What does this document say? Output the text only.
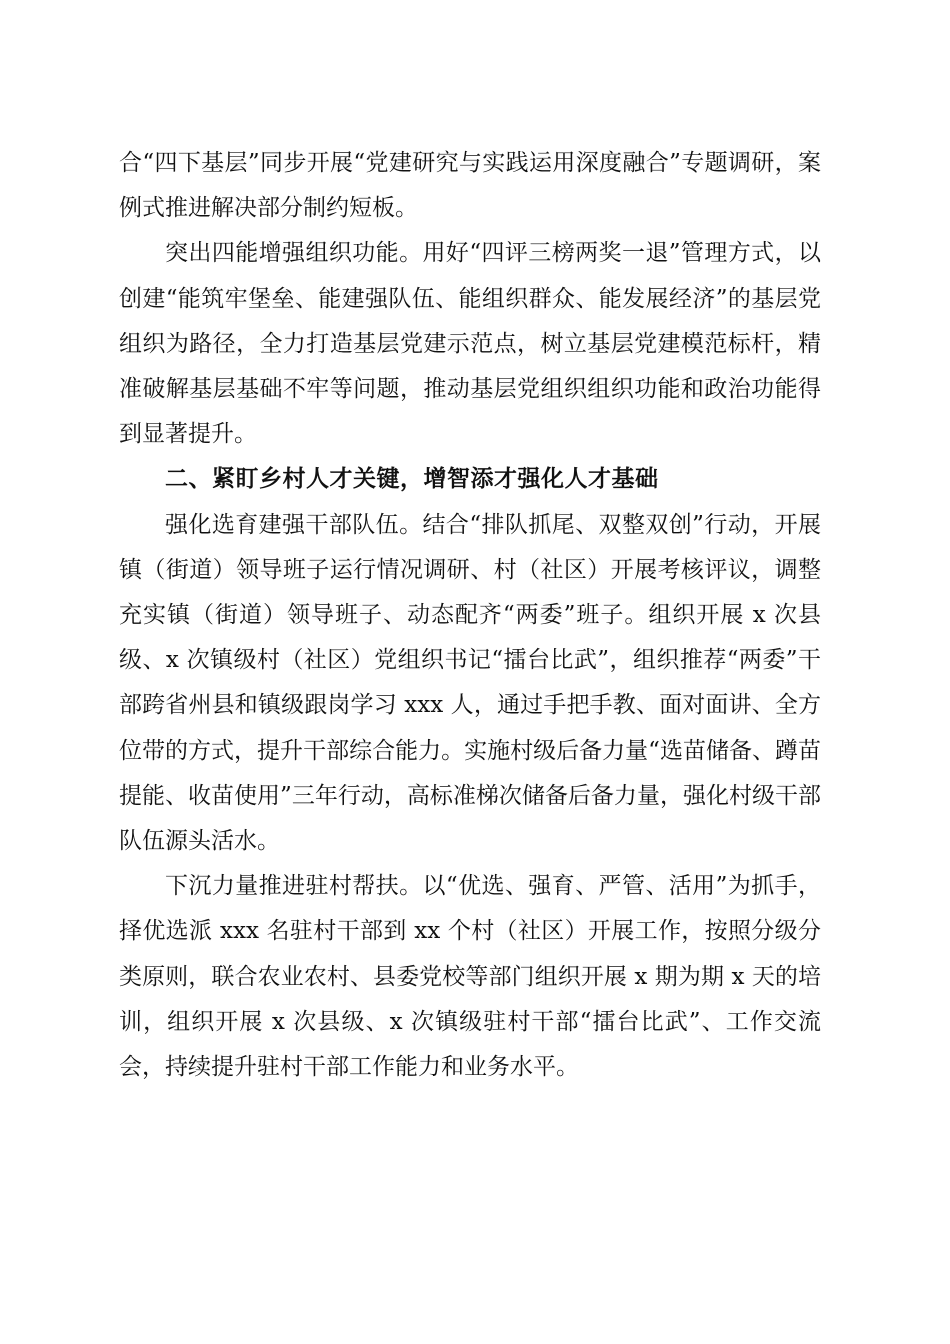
合“四下基层”同步开展“党建研究与实践运用深度融合”专题调研，案例式推进解决部分制约短板。

突出四能增强组织功能。用好“四评三榜两奖一退”管理方式，以创建“能筑牢堡垒、能建强队伍、能组织群众、能发展经济”的基层党组织为路径，全力打造基层党建示范点，树立基层党建模范标杆，精准破解基层基础不牢等问题，推动基层党组织组织功能和政治功能得到显著提升。

二、紧盯乡村人才关键，增智添才强化人才基础

强化选育建强干部队伍。结合“排队抓尾、双整双创”行动，开展镇（街道）领导班子运行情况调研、村（社区）开展考核评议，调整充实镇（街道）领导班子、动态配齐“两委”班子。组织开展 x 次县级、x 次镇级村（社区）党组织书记“擂台比武”，组织推荐“两委”干部跨省州县和镇级跟岗学习 xxx 人，通过手把手教、面对面讲、全方位带的方式，提升干部综合能力。实施村级后备力量“选苗储备、蹲苗提能、收苗使用”三年行动，高标准梯次储备后备力量，强化村级干部队伍源头活水。

下沉力量推进驻村帮扶。以“优选、强育、严管、活用”为抓手，择优选派 xxx 名驻村干部到 xx 个村（社区）开展工作，按照分级分类原则，联合农业农村、县委党校等部门组织开展 x 期为期 x 天的培训，组织开展 x 次县级、x 次镇级驻村干部“擂台比武”、工作交流会，持续提升驻村干部工作能力和业务水平。
